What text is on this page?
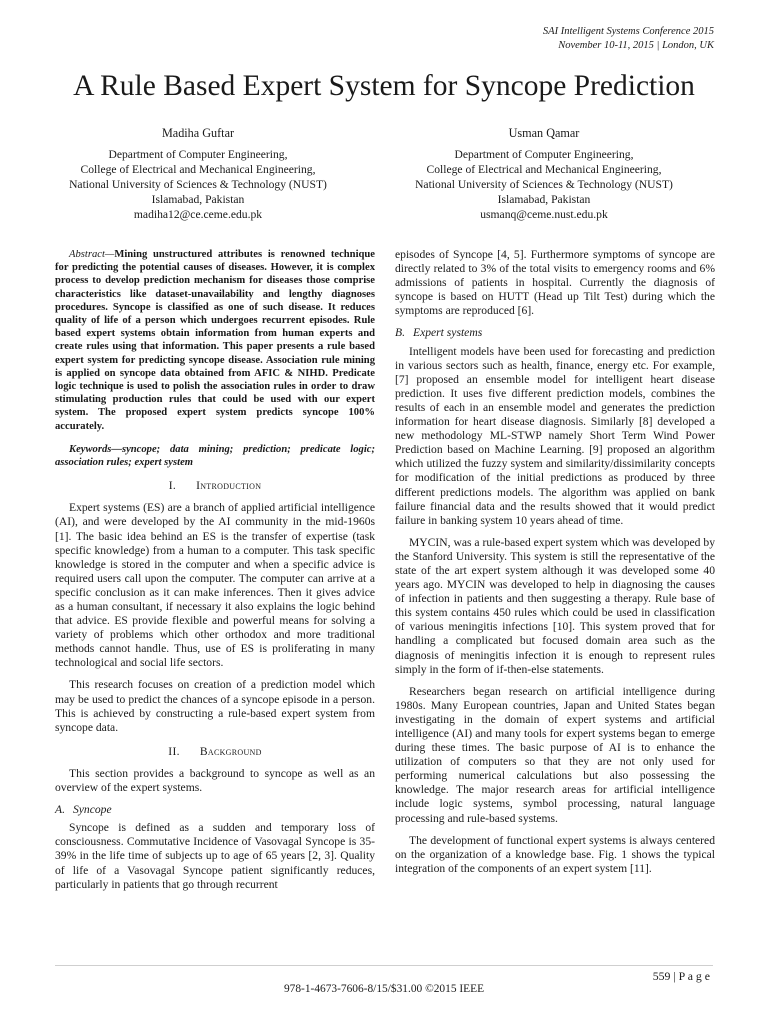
SAI Intelligent Systems Conference 2015
November 10-11, 2015 | London, UK
A Rule Based Expert System for Syncope Prediction
Madiha Guftar
Department of Computer Engineering,
College of Electrical and Mechanical Engineering,
National University of Sciences & Technology (NUST)
Islamabad, Pakistan
madiha12@ce.ceme.edu.pk
Usman Qamar
Department of Computer Engineering,
College of Electrical and Mechanical Engineering,
National University of Sciences & Technology (NUST)
Islamabad, Pakistan
usmanq@ceme.nust.edu.pk

Abstract—Mining unstructured attributes is renowned technique for predicting the potential causes of diseases. However, it is complex process to develop prediction mechanism for diseases those comprise characteristics like dataset-unavailability and lengthy diagnoses procedures. Syncope is classified as one of such disease. It reduces quality of life of a person which undergoes recurrent episodes. Rule based expert systems obtain information from human experts and create rules using that information. This paper presents a rule based expert system for predicting syncope disease. Association rule mining is applied on syncope data obtained from AFIC & NIHD. Predicate logic technique is used to polish the association rules in order to draw stimulating production rules that could be used with our expert system. The proposed expert system predicts syncope 100% accurately.

Keywords—syncope; data mining; prediction; predicate logic; association rules; expert system

I. Introduction

Expert systems (ES) are a branch of applied artificial intelligence (AI), and were developed by the AI community in the mid-1960s [1]. The basic idea behind an ES is the transfer of expertise (task specific knowledge) from a human to a computer. This task specific knowledge is stored in the computer and when a specific advice is required users call upon the computer. The computer can arrive at a specific conclusion as it can make inferences. Then it gives advice as a human consultant, if necessary it also explains the logic behind that advice. ES provide flexible and powerful means for solving a variety of problems which other orthodox and more traditional methods cannot handle. Thus, use of ES is proliferating in many technological and social life sectors.

This research focuses on creation of a prediction model which may be used to predict the chances of a syncope episode in a person. This is achieved by constructing a rule-based expert system from syncope data.

II. Background

This section provides a background to syncope as well as an overview of the expert systems.

A. Syncope

Syncope is defined as a sudden and temporary loss of consciousness. Commutative Incidence of Vasovagal Syncope is 35-39% in the life time of subjects up to age of 65 years [2, 3]. Quality of life of a Vasovagal Syncope patient significantly reduces, particularly in patients that go through recurrent

episodes of Syncope [4, 5]. Furthermore symptoms of syncope are directly related to 3% of the total visits to emergency rooms and 6% admissions of patients in hospital. Currently the diagnosis of syncope is based on HUTT (Head up Tilt Test) during which the symptoms are reproduced [6].

B. Expert systems

Intelligent models have been used for forecasting and prediction in various sectors such as health, finance, energy etc. For example, [7] proposed an ensemble model for intelligent heart disease prediction. It uses five different prediction models, combines the results of each in an ensemble model and generates the prediction information for heart disease diagnosis. Similarly [8] developed a new methodology ML-STWP namely Short Term Wind Power Prediction based on Machine Learning. [9] proposed an algorithm which utilized the fuzzy system and similarity/dissimilarity concepts for modification of the initial predictions as produced by three different predictions models. The algorithm was applied on bank failure financial data and the results showed that it would predict failure in banking system 10 years ahead of time.

MYCIN, was a rule-based expert system which was developed by the Stanford University. This system is still the representative of the state of the art expert system although it was developed some 40 years ago. MYCIN was developed to help in diagnosing the causes of infection in patients and then suggesting a therapy. Rule base of this system contains 450 rules which could be used in classification of various meningitis infections [10]. This system proved that for handling a complicated but focused domain area such as the diagnosis of meningitis infection it is enough to represent rules simply in the form of if-then-else statements.

Researchers began research on artificial intelligence during 1980s. Many European countries, Japan and United States began investigating in the domain of expert systems and artificial intelligence (AI) and many tools for expert systems began to emerge during these times. The basic purpose of AI is to enhance the utilization of computers so that they are not only used for performing numerical calculations but also possessing the knowledge. The major research areas for artificial intelligence include logic systems, symbol processing, natural language processing and rule-based systems.

The development of functional expert systems is always centered on the organization of a knowledge base. Fig. 1 shows the typical integration of the components of an expert system [11].

559 | P a g e
978-1-4673-7606-8/15/$31.00 ©2015 IEEE
